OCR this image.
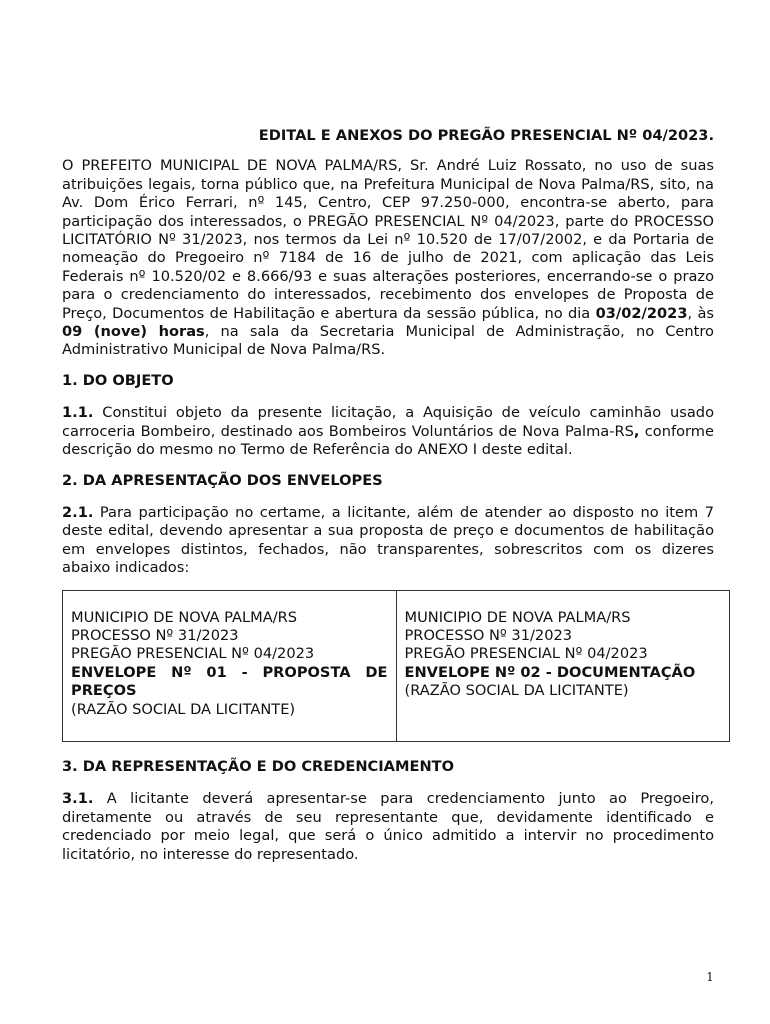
EDITAL E ANEXOS DO PREGÃO PRESENCIAL Nº 04/2023.

O PREFEITO MUNICIPAL DE NOVA PALMA/RS, Sr. André Luiz Rossato, no uso de suas atribuições legais, torna público que, na Prefeitura Municipal de Nova Palma/RS, sito, na Av. Dom Érico Ferrari, nº 145, Centro, CEP 97.250-000, encontra-se aberto, para participação dos interessados, o PREGÃO PRESENCIAL Nº 04/2023, parte do PROCESSO LICITATÓRIO Nº 31/2023, nos termos da Lei nº 10.520 de 17/07/2002, e da Portaria de nomeação do Pregoeiro nº 7184 de 16 de julho de 2021, com aplicação das Leis Federais nº 10.520/02 e 8.666/93 e suas alterações posteriores, encerrando-se o prazo para o credenciamento do interessados, recebimento dos envelopes de Proposta de Preço, Documentos de Habilitação e abertura da sessão pública, no dia 03/02/2023, às 09 (nove) horas, na sala da Secretaria Municipal de Administração, no Centro Administrativo Municipal de Nova Palma/RS.

1. DO OBJETO

1.1. Constitui objeto da presente licitação, a Aquisição de veículo caminhão usado carroceria Bombeiro, destinado aos Bombeiros Voluntários de Nova Palma-RS, conforme descrição do mesmo no Termo de Referência do ANEXO I deste edital.

2. DA APRESENTAÇÃO DOS ENVELOPES

2.1. Para participação no certame, a licitante, além de atender ao disposto no item 7 deste edital, devendo apresentar a sua proposta de preço e documentos de habilitação em envelopes distintos, fechados, não transparentes, sobrescritos com os dizeres abaixo indicados:

MUNICIPIO DE NOVA PALMA/RS
PROCESSO Nº 31/2023
PREGÃO PRESENCIAL Nº 04/2023
ENVELOPE Nº 01 - PROPOSTA DE PREÇOS
(RAZÃO SOCIAL DA LICITANTE)

MUNICIPIO DE NOVA PALMA/RS
PROCESSO Nº 31/2023
PREGÃO PRESENCIAL Nº 04/2023
ENVELOPE Nº 02 - DOCUMENTAÇÃO
(RAZÃO SOCIAL DA LICITANTE)

3. DA REPRESENTAÇÃO E DO CREDENCIAMENTO

3.1. A licitante deverá apresentar-se para credenciamento junto ao Pregoeiro, diretamente ou através de seu representante que, devidamente identificado e credenciado por meio legal, que será o único admitido a intervir no procedimento licitatório, no interesse do representado.

1
